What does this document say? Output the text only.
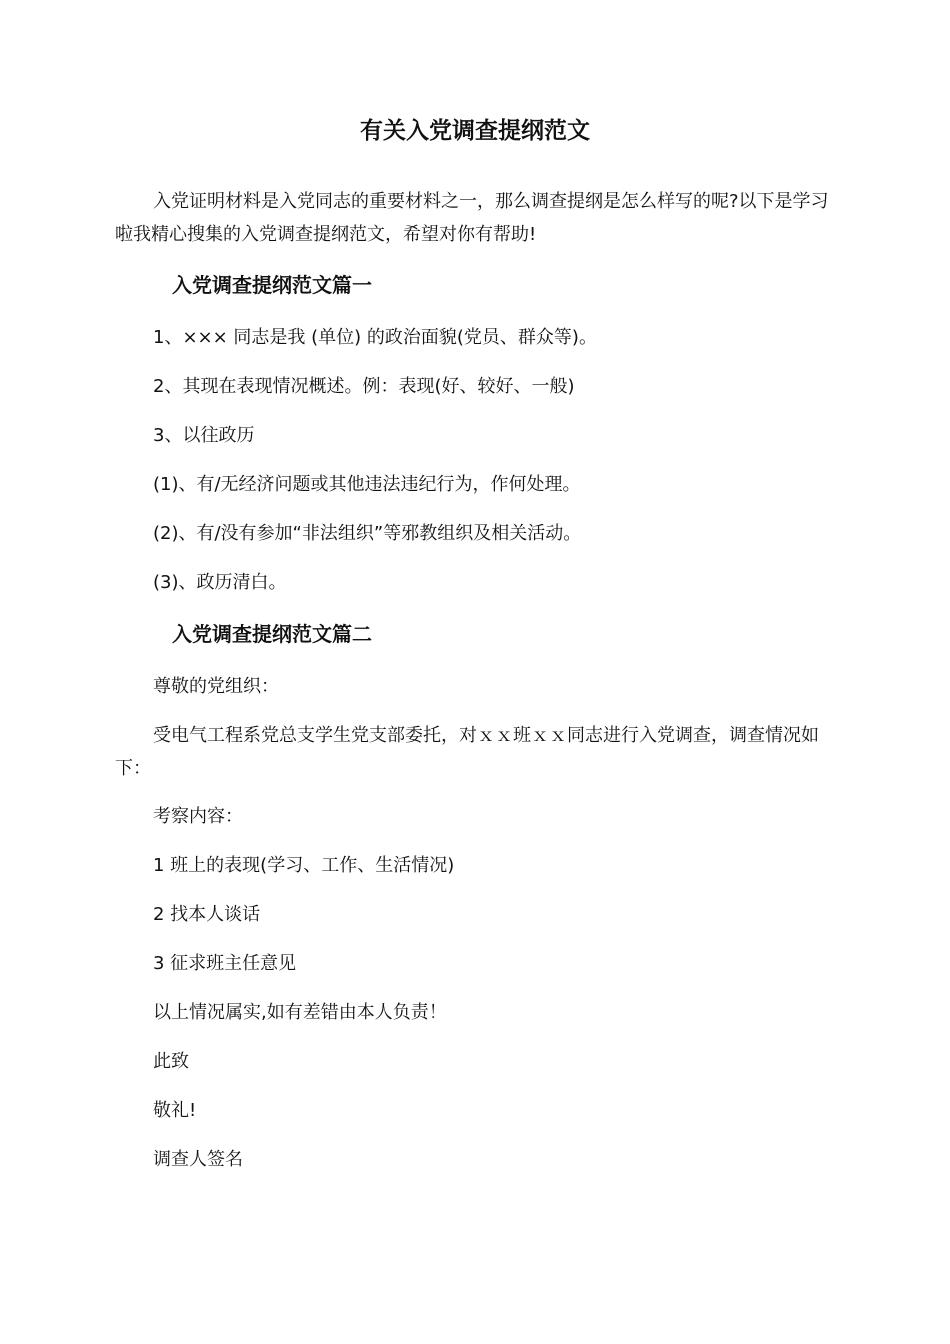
有关入党调查提纲范文
入党证明材料是入党同志的重要材料之一，那么调查提纲是怎么样写的呢?以下是学习啦我精心搜集的入党调查提纲范文，希望对你有帮助!
入党调查提纲范文篇一
1、××× 同志是我 (单位) 的政治面貌(党员、群众等)。
2、其现在表现情况概述。例：表现(好、较好、一般)
3、以往政历
(1)、有/无经济问题或其他违法违纪行为，作何处理。
(2)、有/没有参加“非法组织”等邪教组织及相关活动。
(3)、政历清白。
入党调查提纲范文篇二
尊敬的党组织：
受电气工程系党总支学生党支部委托，对ｘｘ班ｘｘ同志进行入党调查，调查情况如下：
考察内容：
1 班上的表现(学习、工作、生活情况)
2 找本人谈话
3 征求班主任意见
以上情况属实,如有差错由本人负责！
此致
敬礼!
调查人签名
